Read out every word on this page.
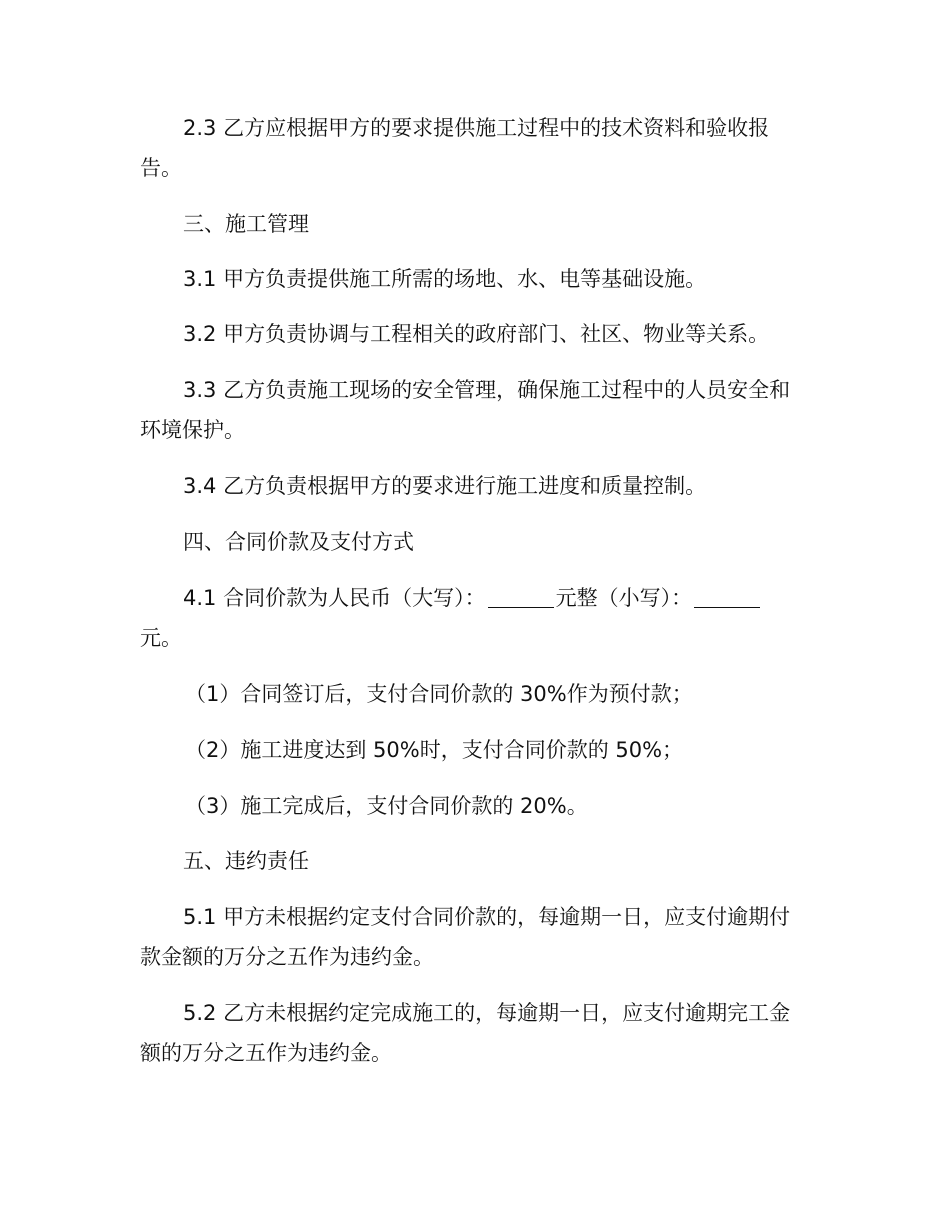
2.3 乙方应根据甲方的要求提供施工过程中的技术资料和验收报告。

三、施工管理

3.1 甲方负责提供施工所需的场地、水、电等基础设施。

3.2 甲方负责协调与工程相关的政府部门、社区、物业等关系。

3.3 乙方负责施工现场的安全管理，确保施工过程中的人员安全和环境保护。

3.4 乙方负责根据甲方的要求进行施工进度和质量控制。

四、合同价款及支付方式

4.1 合同价款为人民币（大写）：	元整（小写）： 元。

（1）合同签订后，支付合同价款的 30%作为预付款；

（2）施工进度达到 50%时，支付合同价款的 50%；

（3）施工完成后，支付合同价款的 20%。

五、违约责任

5.1 甲方未根据约定支付合同价款的，每逾期一日，应支付逾期付款金额的万分之五作为违约金。

5.2 乙方未根据约定完成施工的，每逾期一日，应支付逾期完工金额的万分之五作为违约金。
